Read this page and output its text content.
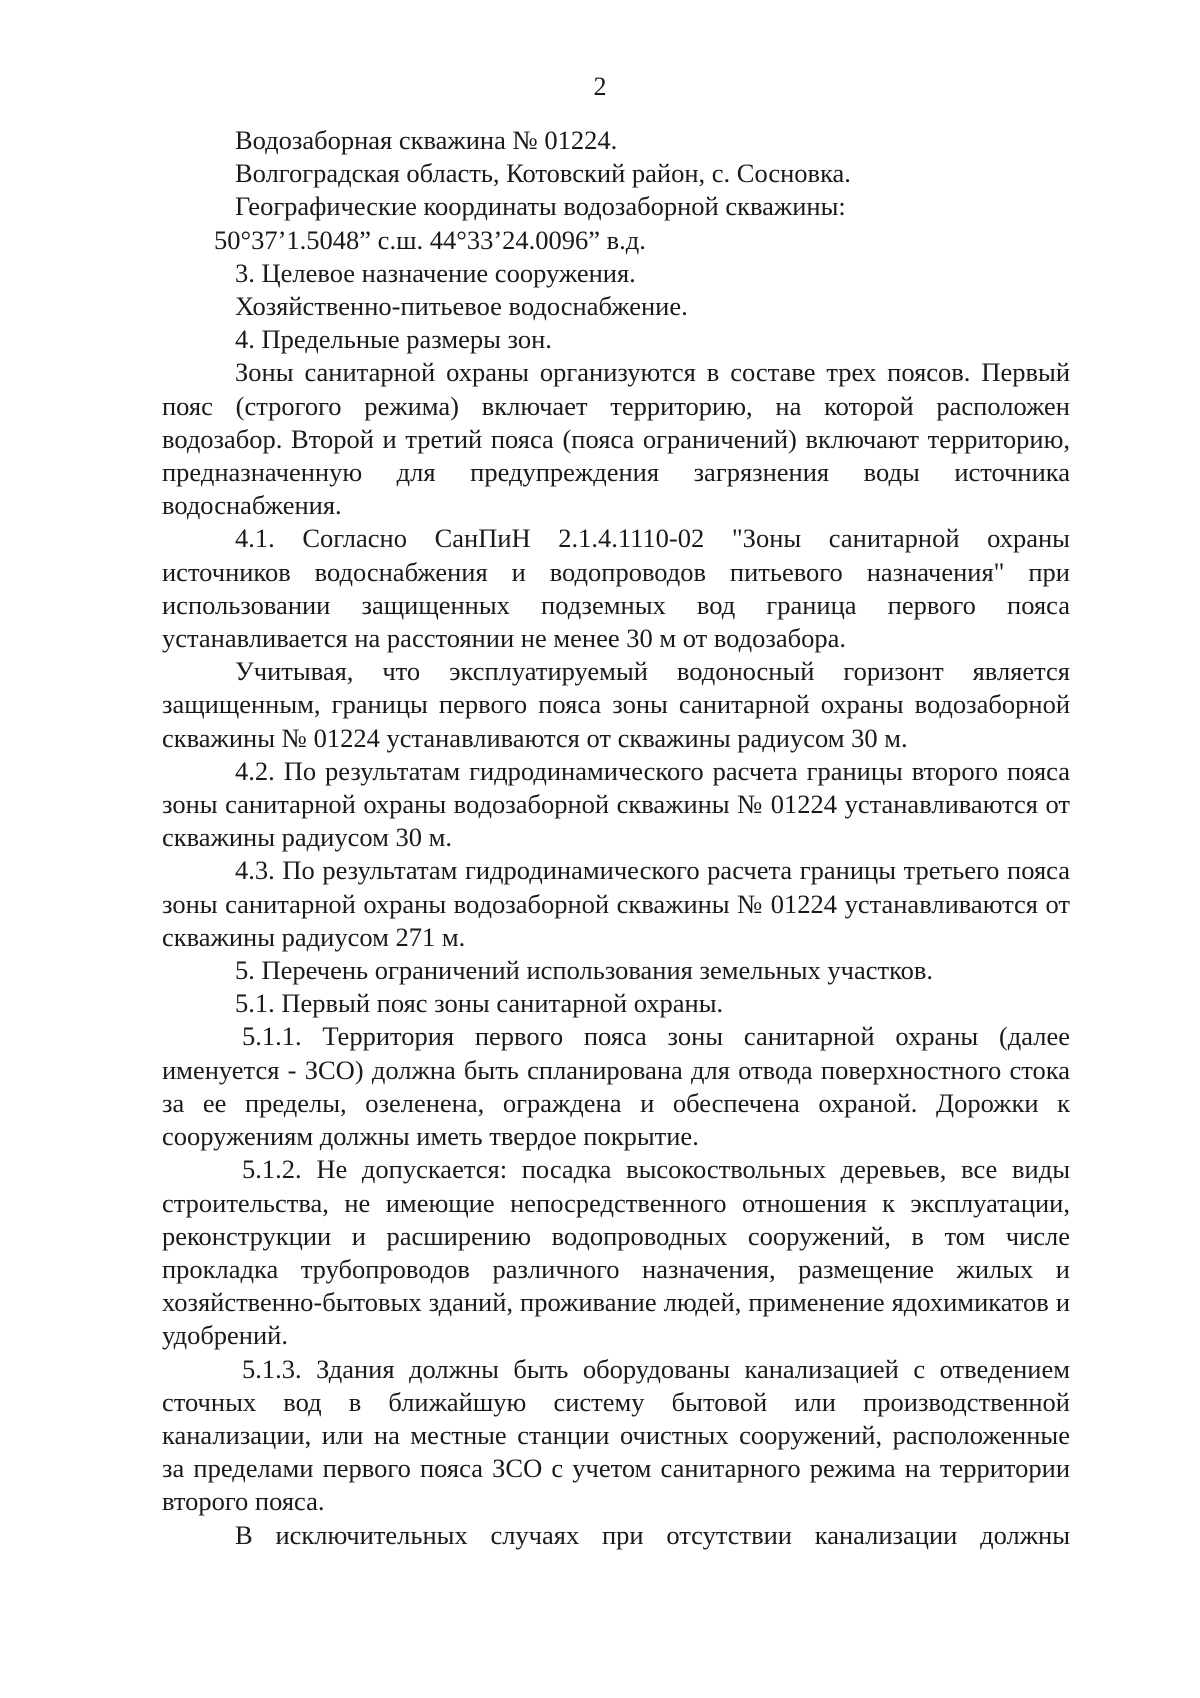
2
Водозаборная скважина № 01224.
Волгоградская область, Котовский район, с. Сосновка.
Географические координаты водозаборной скважины:
50°37’1.5048” с.ш. 44°33’24.0096” в.д.
3. Целевое назначение сооружения.
Хозяйственно-питьевое водоснабжение.
4. Предельные размеры зон.

Зоны санитарной охраны организуются в составе трех поясов. Первый пояс (строгого режима) включает территорию, на которой расположен водозабор. Второй и третий пояса (пояса ограничений) включают территорию, предназначенную для предупреждения загрязнения воды источника водоснабжения.

4.1. Согласно СанПиН 2.1.4.1110-02 "Зоны санитарной охраны источников водоснабжения и водопроводов питьевого назначения" при использовании защищенных подземных вод граница первого пояса устанавливается на расстоянии не менее 30 м от водозабора.

Учитывая, что эксплуатируемый водоносный горизонт является защищенным, границы первого пояса зоны санитарной охраны водозаборной скважины № 01224 устанавливаются от скважины радиусом 30 м.

4.2. По результатам гидродинамического расчета границы второго пояса зоны санитарной охраны водозаборной скважины № 01224 устанавливаются от скважины радиусом 30 м.

4.3. По результатам гидродинамического расчета границы третьего пояса зоны санитарной охраны водозаборной скважины № 01224 устанавливаются от скважины радиусом 271 м.

5. Перечень ограничений использования земельных участков.
5.1. Первый пояс зоны санитарной охраны.

5.1.1. Территория первого пояса зоны санитарной охраны (далее именуется - ЗСО) должна быть спланирована для отвода поверхностного стока за ее пределы, озеленена, ограждена и обеспечена охраной. Дорожки к сооружениям должны иметь твердое покрытие.

5.1.2. Не допускается: посадка высокоствольных деревьев, все виды строительства, не имеющие непосредственного отношения к эксплуатации, реконструкции и расширению водопроводных сооружений, в том числе прокладка трубопроводов различного назначения, размещение жилых и хозяйственно-бытовых зданий, проживание людей, применение ядохимикатов и удобрений.

5.1.3. Здания должны быть оборудованы канализацией с отведением сточных вод в ближайшую систему бытовой или производственной канализации, или на местные станции очистных сооружений, расположенные за пределами первого пояса ЗСО с учетом санитарного режима на территории второго пояса.

В исключительных случаях при отсутствии канализации должны
